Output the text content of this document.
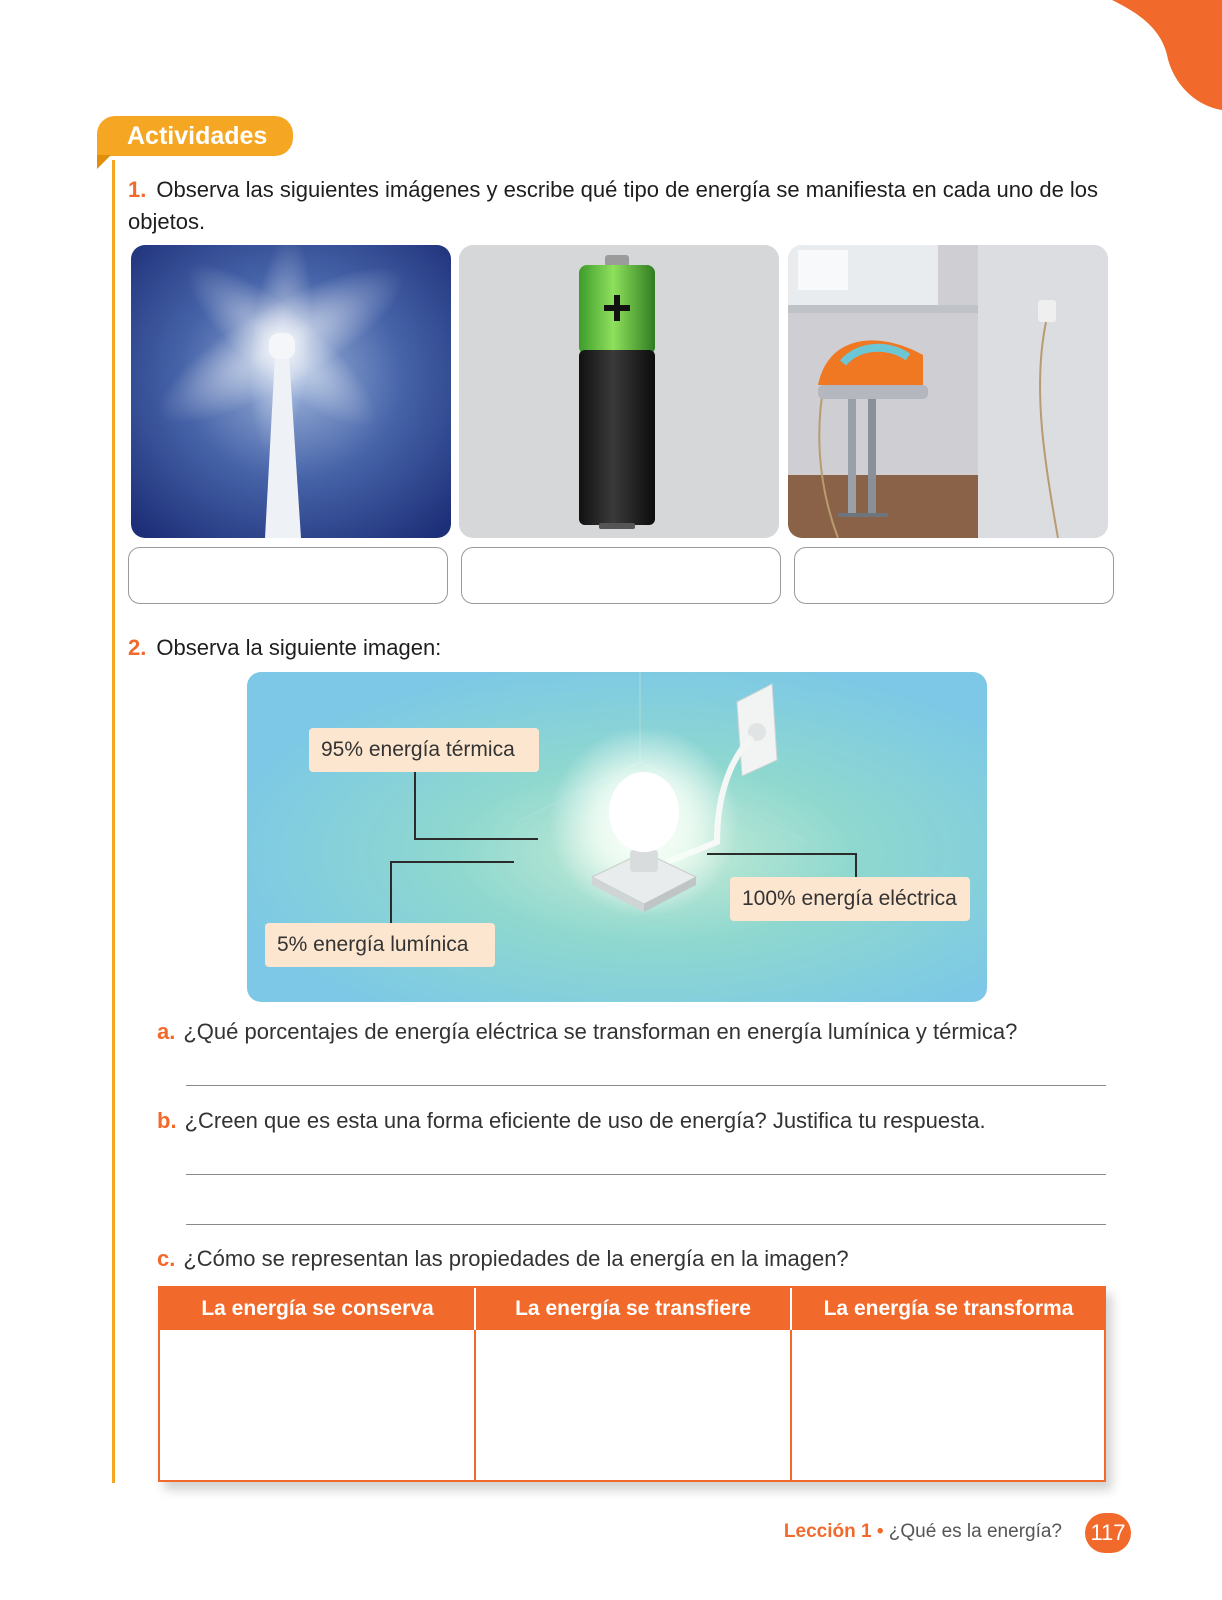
Actividades
1. Observa las siguientes imágenes y escribe qué tipo de energía se manifiesta en cada uno de los objetos.
2. Observa la siguiente imagen:
95% energía térmica
5% energía lumínica
100% energía eléctrica
a. ¿Qué porcentajes de energía eléctrica se transforman en energía lumínica y térmica?
b. ¿Creen que es esta una forma eficiente de uso de energía? Justifica tu respuesta.
c. ¿Cómo se representan las propiedades de la energía en la imagen?
La energía se conserva	La energía se transfiere	La energía se transforma
Lección 1 • ¿Qué es la energía? 117
